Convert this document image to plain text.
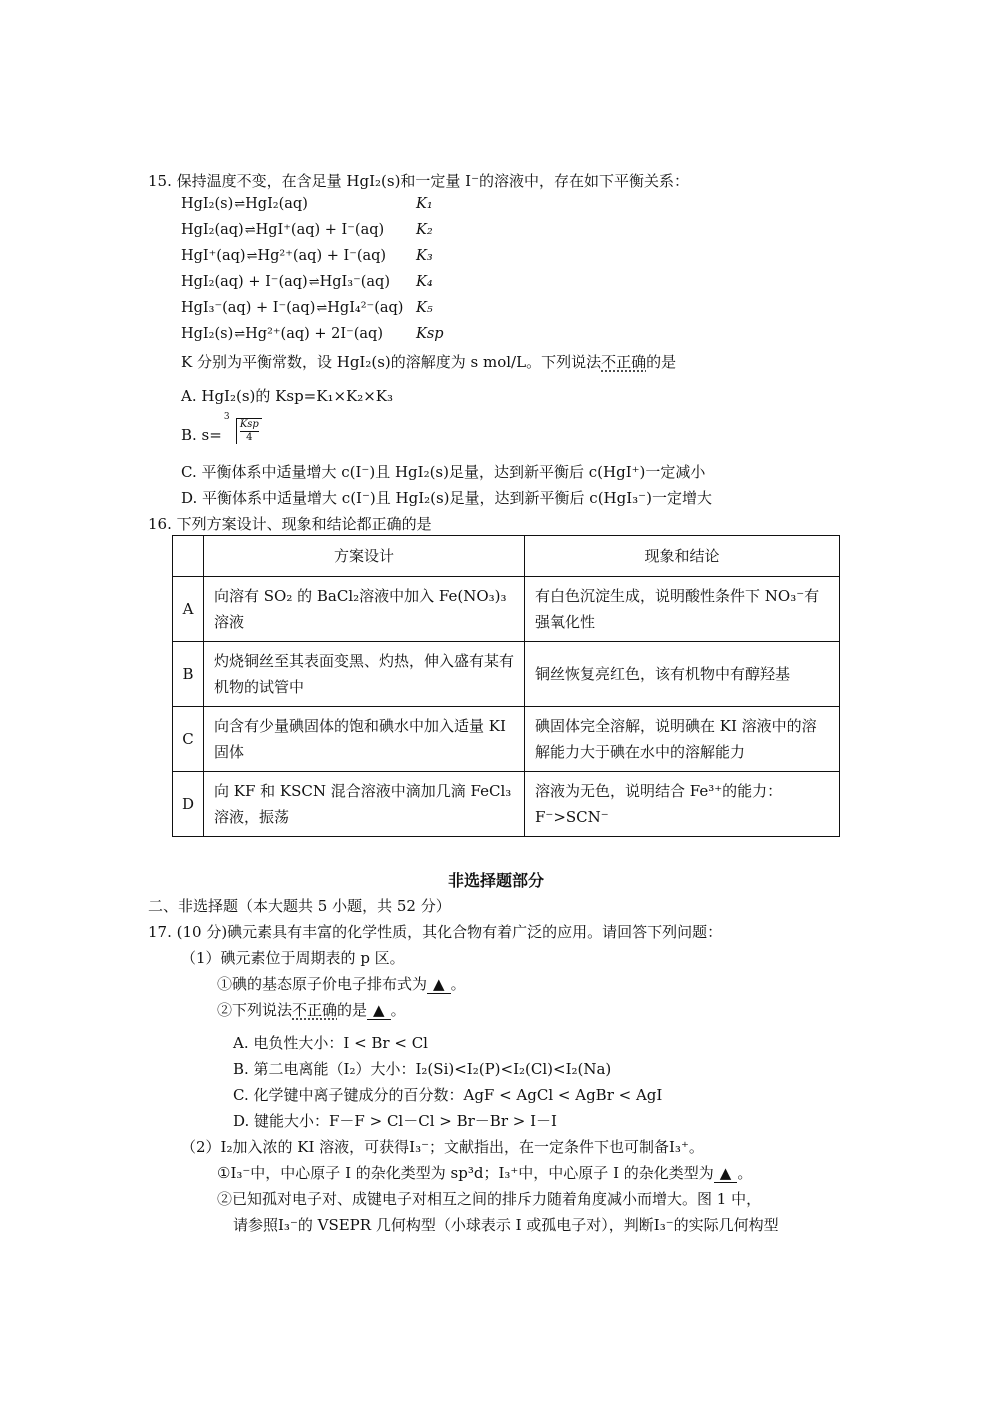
15. 保持温度不变，在含足量 HgI₂(s)和一定量 I⁻的溶液中，存在如下平衡关系：
HgI₂(s)⇌HgI₂(aq)	K₁
HgI₂(aq)⇌HgI⁺(aq) + I⁻(aq) K₂
HgI⁺(aq)⇌Hg²⁺(aq) + I⁻(aq) K₃
HgI₂(aq) + I⁻(aq)⇌HgI₃⁻(aq) K₄
HgI₃⁻(aq) + I⁻(aq)⇌HgI₄²⁻(aq) K₅
HgI₂(s)⇌Hg²⁺(aq) + 2I⁻(aq) Ksp
K 分别为平衡常数，设 HgI₂(s)的溶解度为 s mol/L。下列说法不正确的是
A. HgI₂(s)的 Ksp=K₁×K₂×K₃
B. s=
3
Ksp
4
C. 平衡体系中适量增大 c(I⁻)且 HgI₂(s)足量，达到新平衡后 c(HgI⁺)一定减小
D. 平衡体系中适量增大 c(I⁻)且 HgI₂(s)足量，达到新平衡后 c(HgI₃⁻)一定增大
16. 下列方案设计、现象和结论都正确的是
	方案设计	现象和结论
A	向溶有 SO₂ 的 BaCl₂溶液中加入 Fe(NO₃)₃溶液	有白色沉淀生成，说明酸性条件下 NO₃⁻有强氧化性
B	灼烧铜丝至其表面变黑、灼热，伸入盛有某有机物的试管中	铜丝恢复亮红色，该有机物中有醇羟基
C	向含有少量碘固体的饱和碘水中加入适量 KI 固体	碘固体完全溶解，说明碘在 KI 溶液中的溶解能力大于碘在水中的溶解能力
D	向 KF 和 KSCN 混合溶液中滴加几滴 FeCl₃溶液，振荡	溶液为无色，说明结合 Fe³⁺的能力：F⁻>SCN⁻
非选择题部分
二、非选择题（本大题共 5 小题，共 52 分）
17. (10 分)碘元素具有丰富的化学性质，其化合物有着广泛的应用。请回答下列问题：
（1）碘元素位于周期表的 p 区。
①碘的基态原子价电子排布式为 ▲ 。
②下列说法不正确的是 ▲ 。
A. 电负性大小：I < Br < Cl
B. 第二电离能（I₂）大小：I₂(Si)<I₂(P)<I₂(Cl)<I₂(Na)
C. 化学键中离子键成分的百分数：AgF < AgCl < AgBr < AgI
D. 键能大小：F－F > Cl－Cl > Br－Br > I－I
（2）I₂加入浓的 KI 溶液，可获得I₃⁻；文献指出，在一定条件下也可制备I₃⁺。
①I₃⁻中，中心原子 I 的杂化类型为 sp³d；I₃⁺中，中心原子 I 的杂化类型为 ▲ 。
②已知孤对电子对、成键电子对相互之间的排斥力随着角度减小而增大。图 1 中，
请参照I₃⁻的 VSEPR 几何构型（小球表示 I 或孤电子对），判断I₃⁻的实际几何构型
